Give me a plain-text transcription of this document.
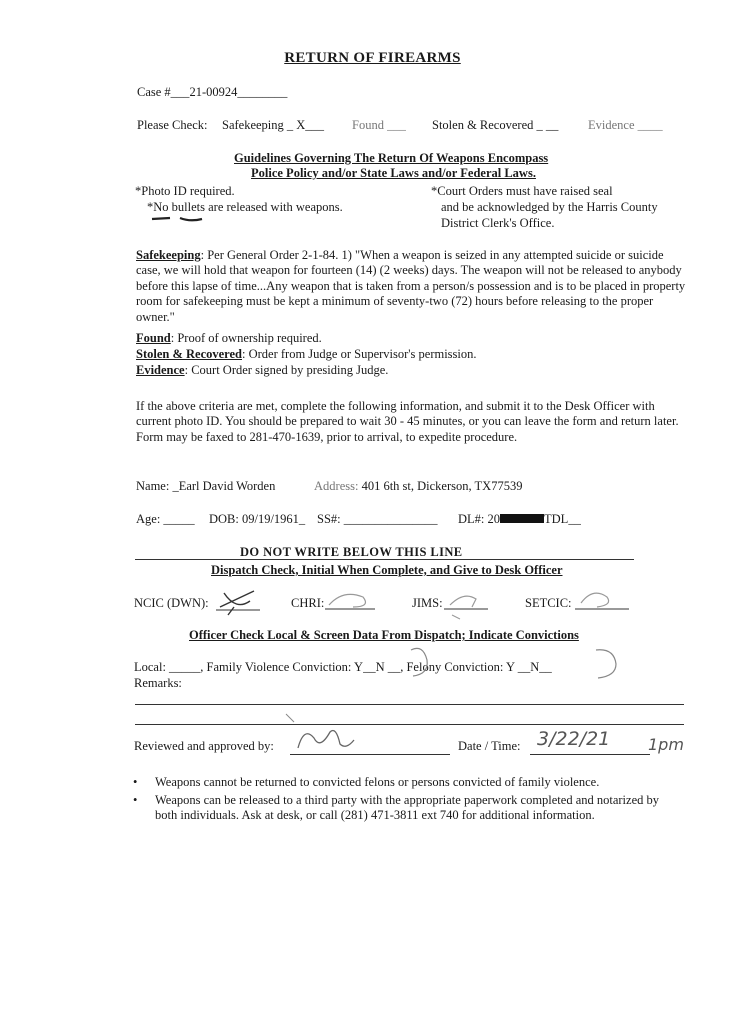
RETURN OF FIREARMS
Case #___21-00924________
Please Check: Safekeeping _ X___ Found ___ Stolen & Recovered _ __ Evidence ____
Guidelines Governing The Return Of Weapons Encompass
Police Policy and/or State Laws and/or Federal Laws.
*Photo ID required.
*No bullets are released with weapons.
*Court Orders must have raised seal
and be acknowledged by the Harris County
District Clerk's Office.
Safekeeping: Per General Order 2-1-84. 1) "When a weapon is seized in any attempted suicide or suicide case, we will hold that weapon for fourteen (14) (2 weeks) days. The weapon will not be released to anybody before this lapse of time...Any weapon that is taken from a person/s possession and is to be placed in property room for safekeeping must be kept a minimum of seventy-two (72) hours before releasing to the proper owner."
Found: Proof of ownership required.
Stolen & Recovered: Order from Judge or Supervisor's permission.
Evidence: Court Order signed by presiding Judge.
If the above criteria are met, complete the following information, and submit it to the Desk Officer with current photo ID. You should be prepared to wait 30 - 45 minutes, or you can leave the form and return later. Form may be faxed to 281-470-1639, prior to arrival, to expedite procedure.
Name: _Earl David Worden	Address: 401 6th st, Dickerson, TX77539
Age: _____ DOB: 09/19/1961_ SS#: _______________ DL#: 20	TDL__
DO NOT WRITE BELOW THIS LINE
Dispatch Check, Initial When Complete, and Give to Desk Officer
NCIC (DWN):	CHRI:	JIMS:	SETCIC:
Officer Check Local & Screen Data From Dispatch; Indicate Convictions
Local: _____, Family Violence Conviction: Y__N __, Felony Conviction: Y __N__
Remarks:
Reviewed and approved by:	Date / Time: 3/22/21 1pm
•	Weapons cannot be returned to convicted felons or persons convicted of family violence.
•	Weapons can be released to a third party with the appropriate paperwork completed and notarized by both individuals. Ask at desk, or call (281) 471-3811 ext 740 for additional information.
